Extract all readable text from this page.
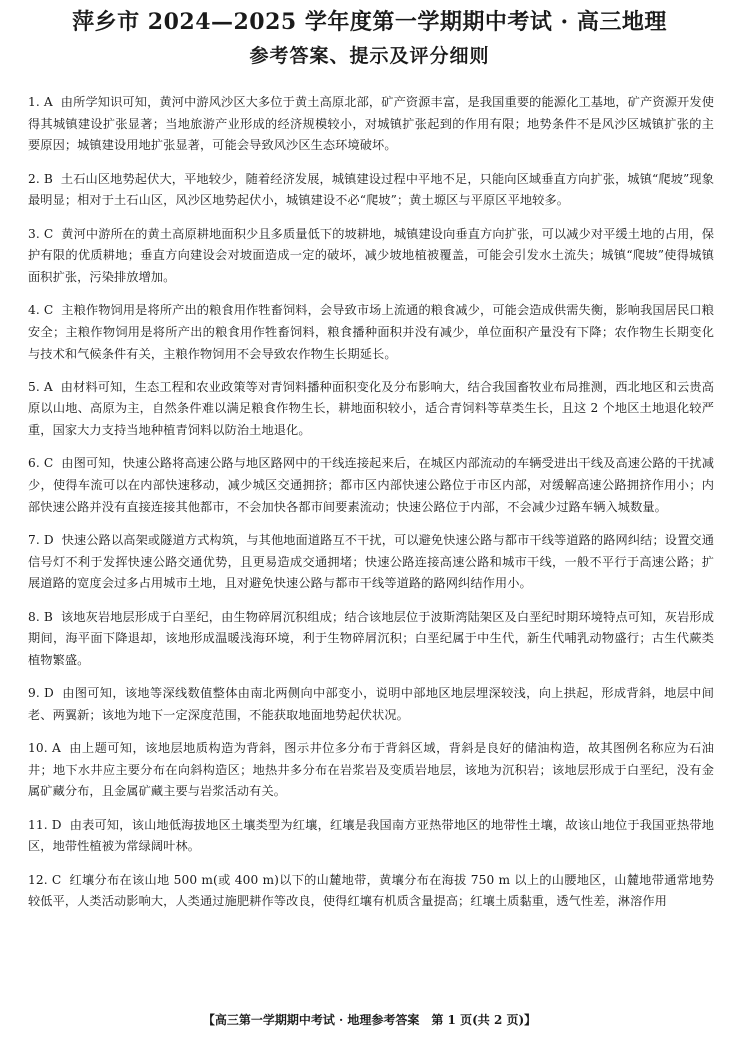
萍乡市 2024—2025 学年度第一学期期中考试 · 高三地理
参考答案、提示及评分细则

1. A 由所学知识可知，黄河中游风沙区大多位于黄土高原北部，矿产资源丰富，是我国重要的能源化工基地，矿产资源开发使得其城镇建设扩张显著；当地旅游产业形成的经济规模较小，对城镇扩张起到的作用有限；地势条件不是风沙区城镇扩张的主要原因；城镇建设用地扩张显著，可能会导致风沙区生态环境破坏。

2. B 土石山区地势起伏大，平地较少，随着经济发展，城镇建设过程中平地不足，只能向区域垂直方向扩张，城镇“爬坡”现象最明显；相对于土石山区，风沙区地势起伏小，城镇建设不必“爬坡”；黄土塬区与平原区平地较多。

3. C 黄河中游所在的黄土高原耕地面积少且多质量低下的坡耕地，城镇建设向垂直方向扩张，可以减少对平缓土地的占用，保护有限的优质耕地；垂直方向建设会对坡面造成一定的破坏，减少坡地植被覆盖，可能会引发水土流失；城镇“爬坡”使得城镇面积扩张，污染排放增加。

4. C 主粮作物饲用是将所产出的粮食用作牲畜饲料，会导致市场上流通的粮食减少，可能会造成供需失衡，影响我国居民口粮安全；主粮作物饲用是将所产出的粮食用作牲畜饲料，粮食播种面积并没有减少，单位面积产量没有下降；农作物生长期变化与技术和气候条件有关，主粮作物饲用不会导致农作物生长期延长。

5. A 由材料可知，生态工程和农业政策等对青饲料播种面积变化及分布影响大，结合我国畜牧业布局推测，西北地区和云贵高原以山地、高原为主，自然条件难以满足粮食作物生长，耕地面积较小，适合青饲料等草类生长，且这 2 个地区土地退化较严重，国家大力支持当地种植青饲料以防治土地退化。

6. C 由图可知，快速公路将高速公路与地区路网中的干线连接起来后，在城区内部流动的车辆受进出干线及高速公路的干扰减少，使得车流可以在内部快速移动，减少城区交通拥挤；都市区内部快速公路位于市区内部，对缓解高速公路拥挤作用小；内部快速公路并没有直接连接其他都市，不会加快各都市间要素流动；快速公路位于内部，不会减少过路车辆入城数量。

7. D 快速公路以高架或隧道方式构筑，与其他地面道路互不干扰，可以避免快速公路与都市干线等道路的路网纠结；设置交通信号灯不利于发挥快速公路交通优势，且更易造成交通拥堵；快速公路连接高速公路和城市干线，一般不平行于高速公路；扩展道路的宽度会过多占用城市土地，且对避免快速公路与都市干线等道路的路网纠结作用小。

8. B 该地灰岩地层形成于白垩纪，由生物碎屑沉积组成；结合该地层位于波斯湾陆架区及白垩纪时期环境特点可知，灰岩形成期间，海平面下降退却，该地形成温暖浅海环境，利于生物碎屑沉积；白垩纪属于中生代，新生代哺乳动物盛行；古生代蕨类植物繁盛。

9. D 由图可知，该地等深线数值整体由南北两侧向中部变小，说明中部地区地层埋深较浅，向上拱起，形成背斜，地层中间老、两翼新；该地为地下一定深度范围，不能获取地面地势起伏状况。

10. A 由上题可知，该地层地质构造为背斜，图示井位多分布于背斜区域，背斜是良好的储油构造，故其图例名称应为石油井；地下水井应主要分布在向斜构造区；地热井多分布在岩浆岩及变质岩地层，该地为沉积岩；该地层形成于白垩纪，没有金属矿藏分布，且金属矿藏主要与岩浆活动有关。

11. D 由表可知，该山地低海拔地区土壤类型为红壤，红壤是我国南方亚热带地区的地带性土壤，故该山地位于我国亚热带地区，地带性植被为常绿阔叶林。

12. C 红壤分布在该山地 500 m(或 400 m)以下的山麓地带，黄壤分布在海拔 750 m 以上的山腰地区，山麓地带通常地势较低平，人类活动影响大，人类通过施肥耕作等改良，使得红壤有机质含量提高；红壤土质黏重，透气性差，淋溶作用

【高三第一学期期中考试 · 地理参考答案　第 1 页(共 2 页)】
